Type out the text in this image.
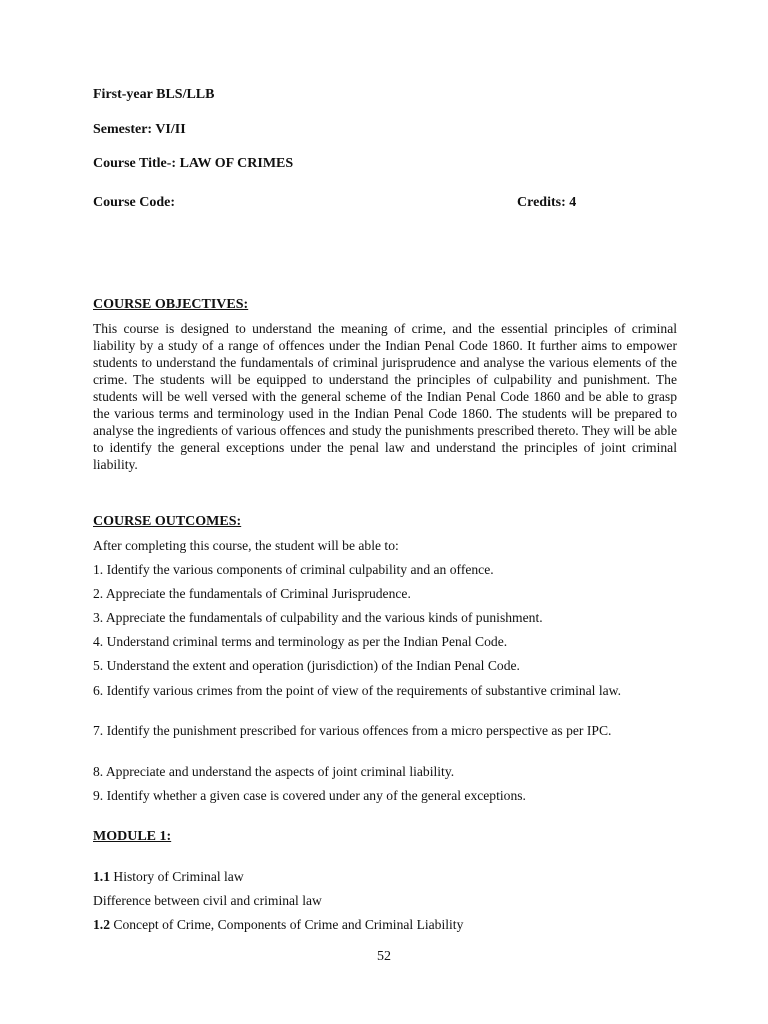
First-year BLS/LLB

Semester: VI/II

Course Title-: LAW OF CRIMES

Course Code:	Credits: 4

COURSE OBJECTIVES:

This course is designed to understand the meaning of crime, and the essential principles of criminal liability by a study of a range of offences under the Indian Penal Code 1860. It further aims to empower students to understand the fundamentals of criminal jurisprudence and analyse the various elements of the crime. The students will be equipped to understand the principles of culpability and punishment. The students will be well versed with the general scheme of the Indian Penal Code 1860 and be able to grasp the various terms and terminology used in the Indian Penal Code 1860. The students will be prepared to analyse the ingredients of various offences and study the punishments prescribed thereto. They will be able to identify the general exceptions under the penal law and understand the principles of joint criminal liability.

COURSE OUTCOMES:

After completing this course, the student will be able to:

1. Identify the various components of criminal culpability and an offence.

2. Appreciate the fundamentals of Criminal Jurisprudence.

3. Appreciate the fundamentals of culpability and the various kinds of punishment.

4. Understand criminal terms and terminology as per the Indian Penal Code.

5. Understand the extent and operation (jurisdiction) of the Indian Penal Code.

6. Identify various crimes from the point of view of the requirements of substantive criminal law.

7. Identify the punishment prescribed for various offences from a micro perspective as per IPC.

8. Appreciate and understand the aspects of joint criminal liability.

9. Identify whether a given case is covered under any of the general exceptions.

MODULE 1:

1.1 History of Criminal law

Difference between civil and criminal law

1.2 Concept of Crime, Components of Crime and Criminal Liability

52
